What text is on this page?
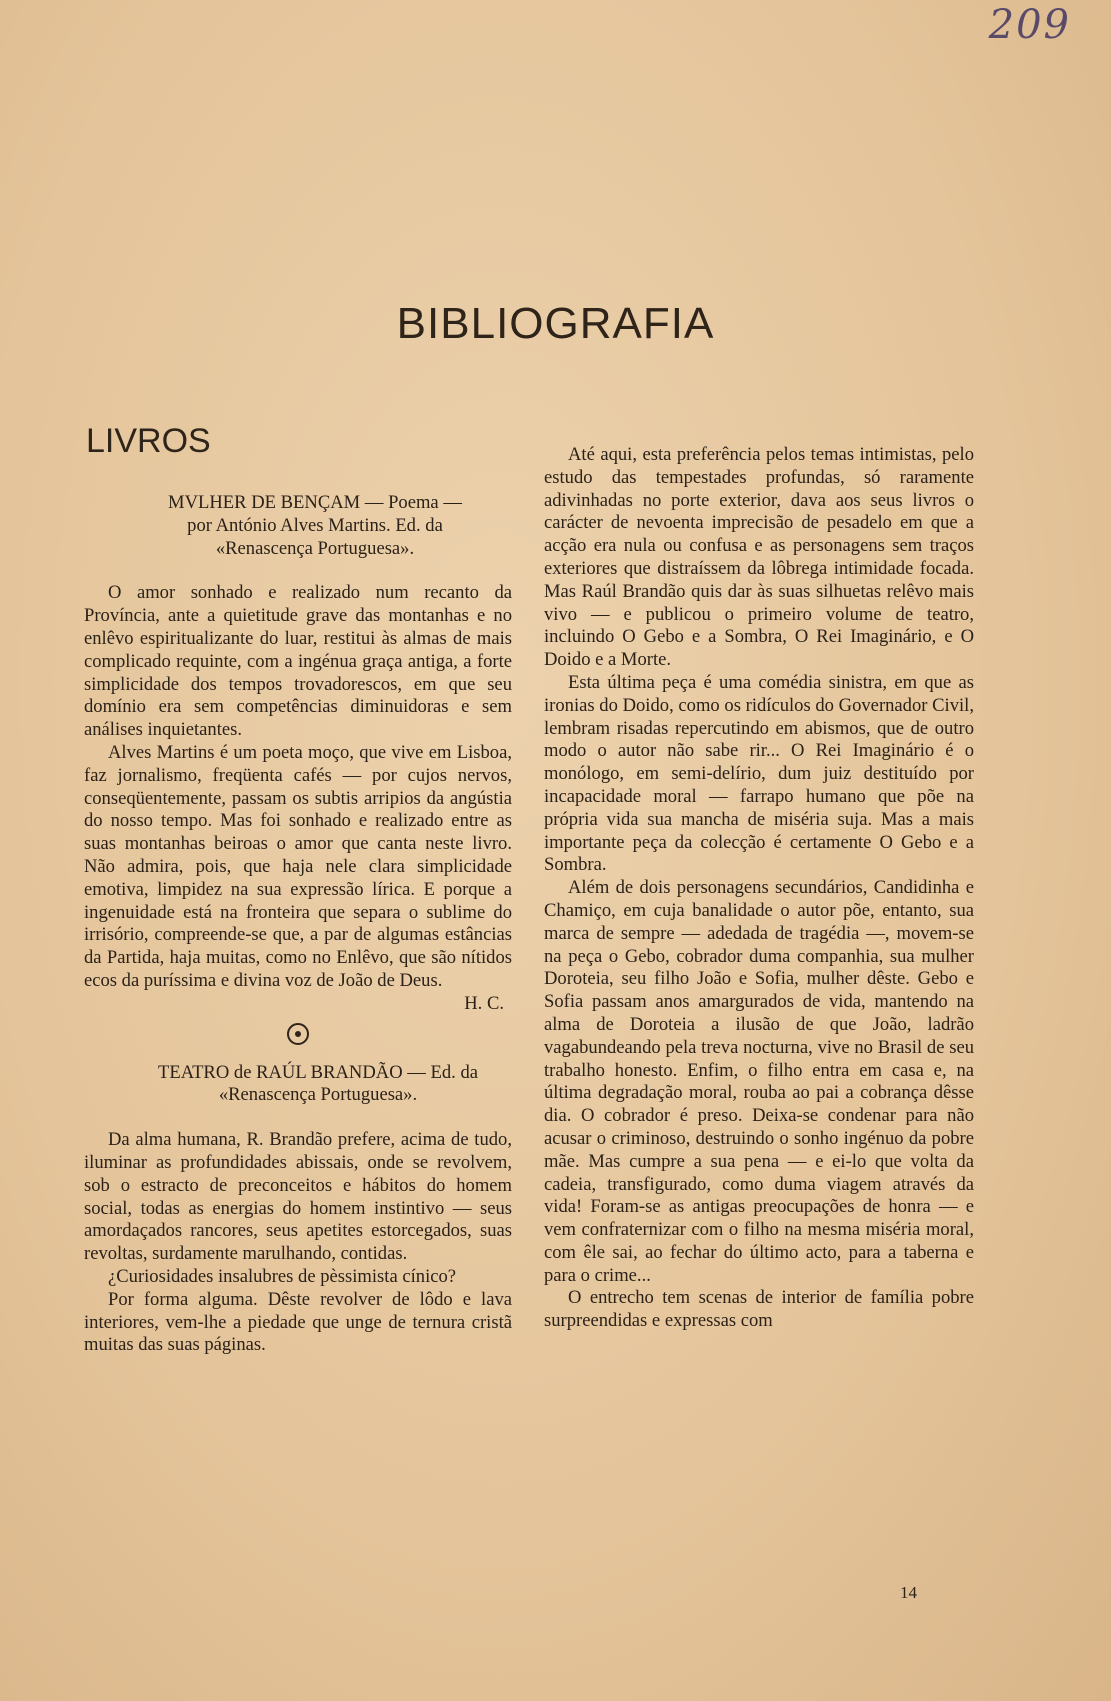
209
BIBLIOGRAFIA
LIVROS

MVLHER DE BENÇAM — Poema — por António Alves Martins. Ed. da «Renascença Portuguesa».

O amor sonhado e realizado num recanto da Província, ante a quietitude grave das montanhas e no enlêvo espiritualizante do luar, restitui às almas de mais complicado requinte, com a ingénua graça antiga, a forte simplicidade dos tempos trovadorescos, em que seu domínio era sem competências diminuidoras e sem análises inquietantes.

Alves Martins é um poeta moço, que vive em Lisboa, faz jornalismo, freqüenta cafés — por cujos nervos, conseqüentemente, passam os subtis arripios da angústia do nosso tempo. Mas foi sonhado e realizado entre as suas montanhas beiroas o amor que canta neste livro. Não admira, pois, que haja nele clara simplicidade emotiva, limpidez na sua expressão lírica. E porque a ingenuidade está na fronteira que separa o sublime do irrisório, compreende-se que, a par de algumas estâncias da Partida, haja muitas, como no Enlêvo, que são nítidos ecos da puríssima e divina voz de João de Deus.

H. C.

TEATRO de RAÚL BRANDÃO — Ed. da «Renascença Portuguesa».

Da alma humana, R. Brandão prefere, acima de tudo, iluminar as profundidades abissais, onde se revolvem, sob o estracto de preconceitos e hábitos do homem social, todas as energias do homem instintivo — seus amordaçados rancores, seus apetites estorcegados, suas revoltas, surdamente marulhando, contidas.

¿Curiosidades insalubres de pèssimista cínico?

Por forma alguma. Dêste revolver de lôdo e lava interiores, vem-lhe a piedade que unge de ternura cristã muitas das suas páginas.

Até aqui, esta preferência pelos temas intimistas, pelo estudo das tempestades profundas, só raramente adivinhadas no porte exterior, dava aos seus livros o carácter de nevoenta imprecisão de pesadelo em que a acção era nula ou confusa e as personagens sem traços exteriores que distraíssem da lôbrega intimidade focada. Mas Raúl Brandão quis dar às suas silhuetas relêvo mais vivo — e publicou o primeiro volume de teatro, incluindo O Gebo e a Sombra, O Rei Imaginário, e O Doido e a Morte.

Esta última peça é uma comédia sinistra, em que as ironias do Doido, como os ridículos do Governador Civil, lembram risadas repercutindo em abismos, que de outro modo o autor não sabe rir... O Rei Imaginário é o monólogo, em semi-delírio, dum juiz destituído por incapacidade moral — farrapo humano que põe na própria vida sua mancha de miséria suja. Mas a mais importante peça da colecção é certamente O Gebo e a Sombra.

Além de dois personagens secundários, Candidinha e Chamiço, em cuja banalidade o autor põe, entanto, sua marca de sempre — adedada de tragédia —, movem-se na peça o Gebo, cobrador duma companhia, sua mulher Doroteia, seu filho João e Sofia, mulher dêste. Gebo e Sofia passam anos amargurados de vida, mantendo na alma de Doroteia a ilusão de que João, ladrão vagabundeando pela treva nocturna, vive no Brasil de seu trabalho honesto. Enfim, o filho entra em casa e, na última degradação moral, rouba ao pai a cobrança dêsse dia. O cobrador é preso. Deixa-se condenar para não acusar o criminoso, destruindo o sonho ingénuo da pobre mãe. Mas cumpre a sua pena — e ei-lo que volta da cadeia, transfigurado, como duma viagem através da vida! Foram-se as antigas preocupações de honra — e vem confraternizar com o filho na mesma miséria moral, com êle sai, ao fechar do último acto, para a taberna e para o crime...

O entrecho tem scenas de interior de família pobre surpreendidas e expressas com

14
